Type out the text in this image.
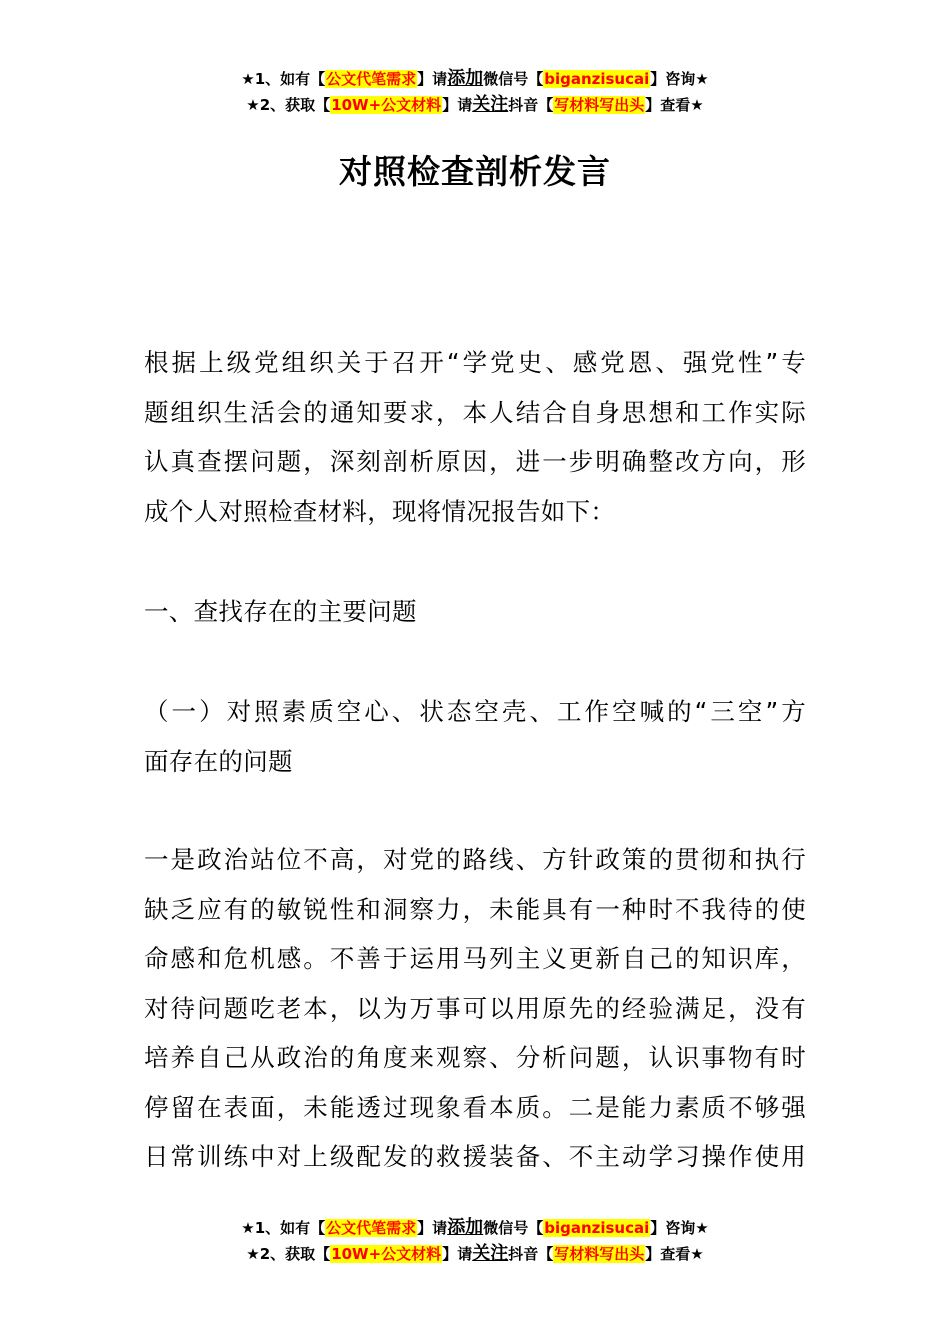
★1、如有【公文代笔需求】请添加微信号【biganzisucai】咨询★
★2、获取【10W+公文材料】请关注抖音【写材料写出头】查看★
对照检查剖析发言
根据上级党组织关于召开“学党史、感党恩、强党性”专
题组织生活会的通知要求，本人结合自身思想和工作实际
认真查摆问题，深刻剖析原因，进一步明确整改方向，形
成个人对照检查材料，现将情况报告如下：
一、查找存在的主要问题
（一）对照素质空心、状态空壳、工作空喊的“三空”方
面存在的问题
一是政治站位不高，对党的路线、方针政策的贯彻和执行
缺乏应有的敏锐性和洞察力，未能具有一种时不我待的使
命感和危机感。不善于运用马列主义更新自己的知识库，
对待问题吃老本，以为万事可以用原先的经验满足，没有
培养自己从政治的角度来观察、分析问题，认识事物有时
停留在表面，未能透过现象看本质。二是能力素质不够强
日常训练中对上级配发的救援装备、不主动学习操作使用
★1、如有【公文代笔需求】请添加微信号【biganzisucai】咨询★
★2、获取【10W+公文材料】请关注抖音【写材料写出头】查看★
